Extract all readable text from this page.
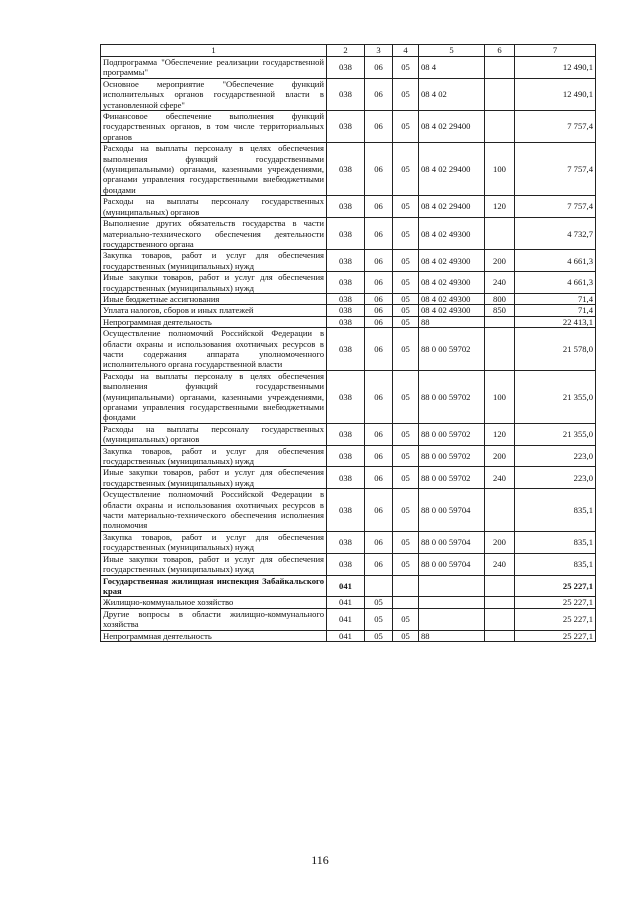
1	2	3	4	5	6	7
Подпрограмма "Обеспечение реализации государственной программы"	038	06	05	08 4		12 490,1
Основное мероприятие "Обеспечение функций исполнительных органов государственной власти в установленной сфере"	038	06	05	08 4 02		12 490,1
Финансовое обеспечение выполнения функций государственных органов, в том числе территориальных органов	038	06	05	08 4 02 29400		7 757,4
Расходы на выплаты персоналу в целях обеспечения выполнения функций государственными (муниципальными) органами, казенными учреждениями, органами управления государственными внебюджетными фондами	038	06	05	08 4 02 29400	100	7 757,4
Расходы на выплаты персоналу государственных (муниципальных) органов	038	06	05	08 4 02 29400	120	7 757,4
Выполнение других обязательств государства в части материально-технического обеспечения деятельности государственного органа	038	06	05	08 4 02 49300		4 732,7
Закупка товаров, работ и услуг для обеспечения государственных (муниципальных) нужд	038	06	05	08 4 02 49300	200	4 661,3
Иные закупки товаров, работ и услуг для обеспечения государственных (муниципальных) нужд	038	06	05	08 4 02 49300	240	4 661,3
Иные бюджетные ассигнования	038	06	05	08 4 02 49300	800	71,4
Уплата налогов, сборов и иных платежей	038	06	05	08 4 02 49300	850	71,4
Непрограммная деятельность	038	06	05	88		22 413,1
Осуществление полномочий Российской Федерации в области охраны и использования охотничьих ресурсов в части содержания аппарата уполномоченного исполнительного органа государственной власти	038	06	05	88 0 00 59702		21 578,0
Расходы на выплаты персоналу в целях обеспечения выполнения функций государственными (муниципальными) органами, казенными учреждениями, органами управления государственными внебюджетными фондами	038	06	05	88 0 00 59702	100	21 355,0
Расходы на выплаты персоналу государственных (муниципальных) органов	038	06	05	88 0 00 59702	120	21 355,0
Закупка товаров, работ и услуг для обеспечения государственных (муниципальных) нужд	038	06	05	88 0 00 59702	200	223,0
Иные закупки товаров, работ и услуг для обеспечения государственных (муниципальных) нужд	038	06	05	88 0 00 59702	240	223,0
Осуществление полномочий Российской Федерации в области охраны и использования охотничьих ресурсов в части материально-технического обеспечения исполнения полномочия	038	06	05	88 0 00 59704		835,1
Закупка товаров, работ и услуг для обеспечения государственных (муниципальных) нужд	038	06	05	88 0 00 59704	200	835,1
Иные закупки товаров, работ и услуг для обеспечения государственных (муниципальных) нужд	038	06	05	88 0 00 59704	240	835,1
Государственная жилищная инспекция Забайкальского края	041					25 227,1
Жилищно-коммунальное хозяйство	041	05				25 227,1
Другие вопросы в области жилищно-коммунального хозяйства	041	05	05			25 227,1
Непрограммная деятельность	041	05	05	88		25 227,1
116
